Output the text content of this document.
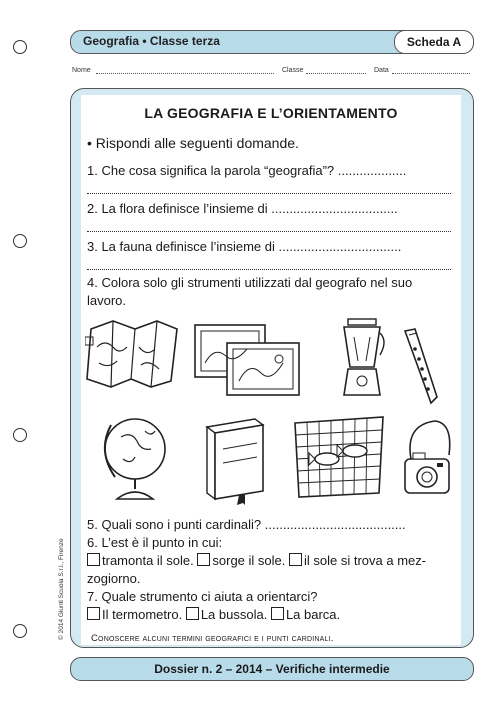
Geografia • Classe terza	Scheda A
Nome	Classe	Data
LA GEOGRAFIA E L’ORIENTAMENTO
• Rispondi alle seguenti domande.
1. Che cosa significa la parola “geografia”? ...................
2. La flora definisce l’insieme di ...................................
3. La fauna definisce l’insieme di ..................................
4. Colora solo gli strumenti utilizzati dal geografo nel suo
lavoro.
5. Quali sono i punti cardinali? .......................................
6. L’est è il punto in cui:
tramonta il sole. sorge il sole. il sole si trova a mez-
zogiorno.
7. Quale strumento ci aiuta a orientarci?
Il termometro. La bussola. La barca.
Conoscere alcuni termini geografici e i punti cardinali.
© 2014 Giunti Scuola S.r.l., Firenze
Dossier n. 2 – 2014 – Verifiche intermedie
